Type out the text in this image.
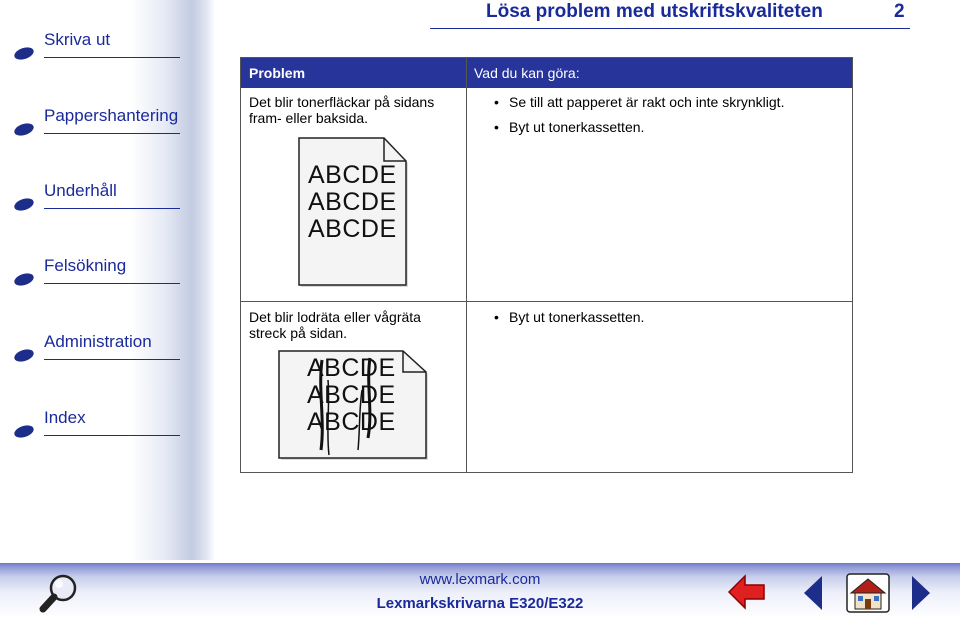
Skriva ut
Pappershantering
Underhåll
Felsökning
Administration
Index
Lösa problem med utskriftskvaliteten	2
Problem	Vad du kan göra:
Det blir tonerfläckar på sidans
fram- eller baksida.
• Se till att papperet är rakt och inte skrynkligt.
• Byt ut tonerkassetten.
ABCDE
ABCDE
ABCDE
Det blir lodräta eller vågräta
streck på sidan.
• Byt ut tonerkassetten.
ABCDE
ABCDE
ABCDE
www.lexmark.com
Lexmarkskrivarna E320/E322
